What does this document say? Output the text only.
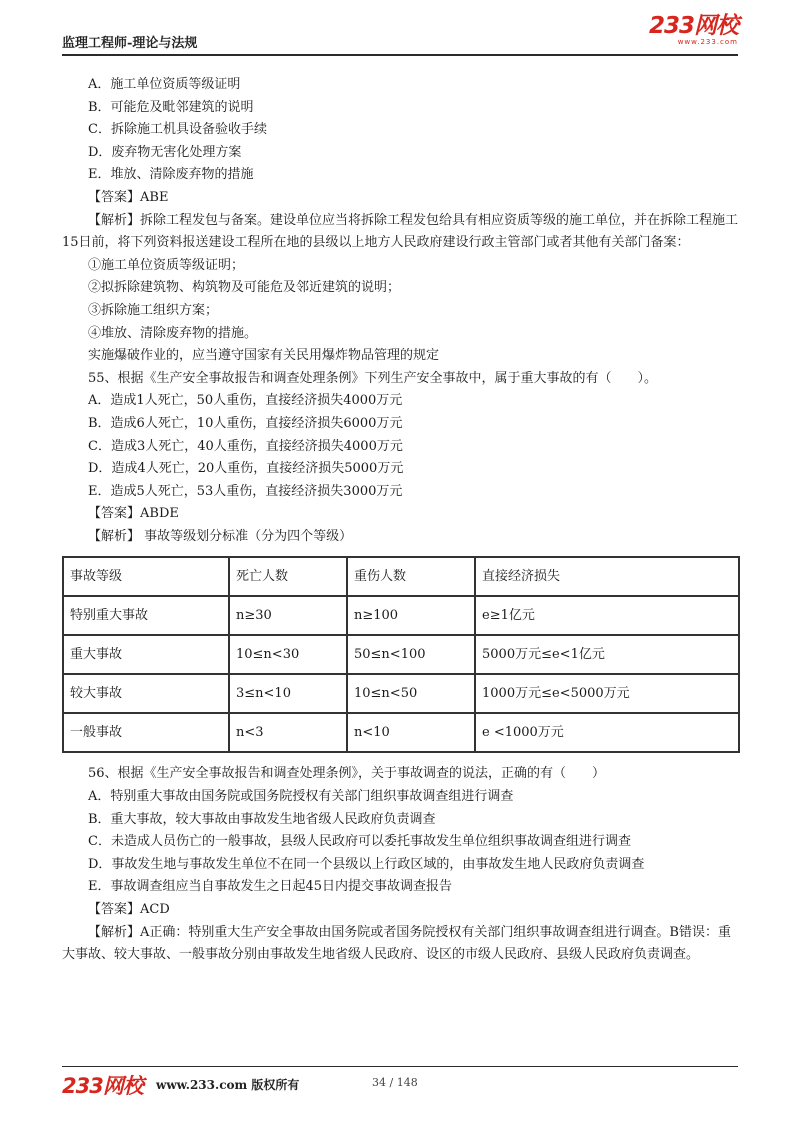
监理工程师-理论与法规
233网校
www.233.com

A．施工单位资质等级证明

B．可能危及毗邻建筑的说明

C．拆除施工机具设备验收手续

D．废弃物无害化处理方案

E．堆放、清除废弃物的措施

【答案】ABE

【解析】拆除工程发包与备案。建设单位应当将拆除工程发包给具有相应资质等级的施工单位，并在拆除工程施工15日前，将下列资料报送建设工程所在地的县级以上地方人民政府建设行政主管部门或者其他有关部门备案：

①施工单位资质等级证明；

②拟拆除建筑物、构筑物及可能危及邻近建筑的说明；

③拆除施工组织方案；

④堆放、清除废弃物的措施。

实施爆破作业的，应当遵守国家有关民用爆炸物品管理的规定

55、根据《生产安全事故报告和调查处理条例》下列生产安全事故中，属于重大事故的有（　　）。

A．造成1人死亡，50人重伤，直接经济损失4000万元

B．造成6人死亡，10人重伤，直接经济损失6000万元

C．造成3人死亡，40人重伤，直接经济损失4000万元

D．造成4人死亡，20人重伤，直接经济损失5000万元

E．造成5人死亡，53人重伤，直接经济损失3000万元

【答案】ABDE

【解析】 事故等级划分标准（分为四个等级）

事故等级	死亡人数	重伤人数	直接经济损失
特别重大事故	n≥30	n≥100	e≥1亿元
重大事故	10≤n<30	50≤n<100	5000万元≤e<1亿元
较大事故	3≤n<10	10≤n<50	1000万元≤e<5000万元
一般事故	n<3	n<10	e <1000万元

56、根据《生产安全事故报告和调查处理条例》，关于事故调查的说法，正确的有（　　）

A．特别重大事故由国务院或国务院授权有关部门组织事故调查组进行调查

B．重大事故，较大事故由事故发生地省级人民政府负责调查

C．未造成人员伤亡的一般事故，县级人民政府可以委托事故发生单位组织事故调查组进行调查

D．事故发生地与事故发生单位不在同一个县级以上行政区域的，由事故发生地人民政府负责调查

E．事故调查组应当自事故发生之日起45日内提交事故调查报告

【答案】ACD

【解析】A正确：特别重大生产安全事故由国务院或者国务院授权有关部门组织事故调查组进行调查。B错误：重大事故、较大事故、一般事故分别由事故发生地省级人民政府、设区的市级人民政府、县级人民政府负责调查。

233网校 www.233.com 版权所有	34 / 148
